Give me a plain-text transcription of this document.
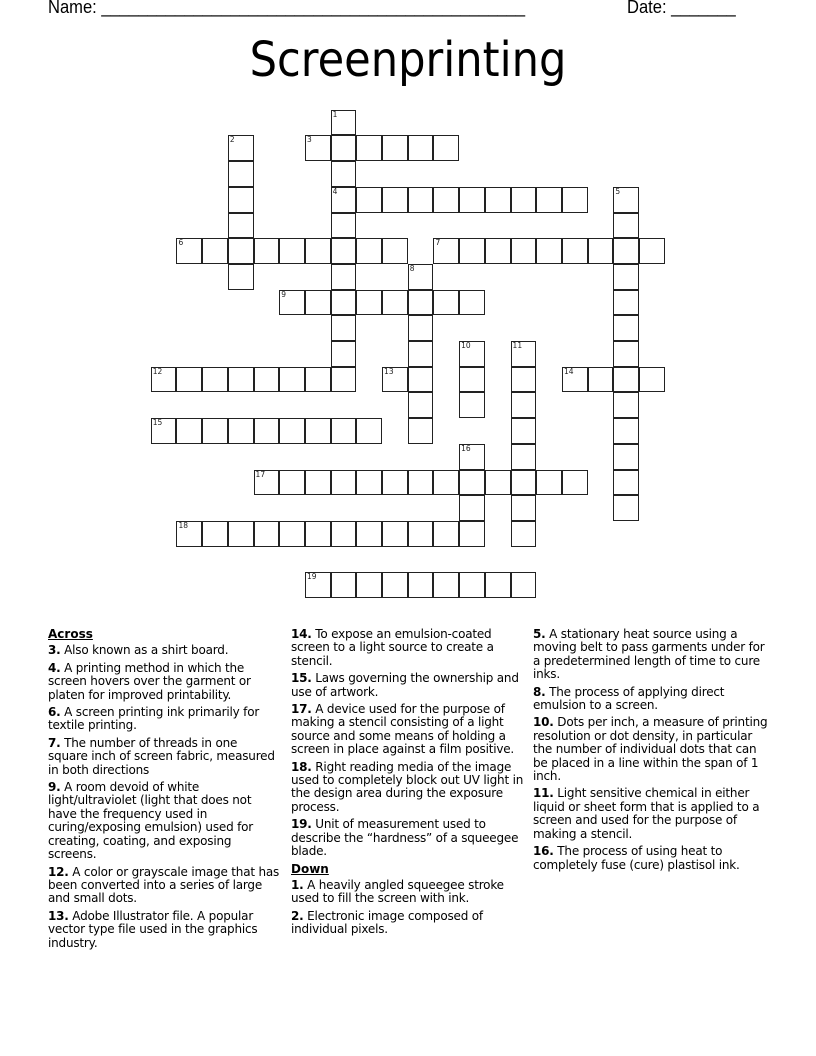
Name: ______________________________________________	Date: _______
Screenprinting
1
4
2	3
5
6	7
8
9
10	11
12	13	14
15
16
17
18
19
Across
3. Also known as a shirt board.
4. A printing method in which the screen hovers over the garment or platen for improved printability.
6. A screen printing ink primarily for textile printing.
7. The number of threads in one square inch of screen fabric, measured in both directions
9. A room devoid of white light/ultraviolet (light that does not have the frequency used in curing/exposing emulsion) used for creating, coating, and exposing screens.
12. A color or grayscale image that has been converted into a series of large and small dots.
13. Adobe Illustrator file. A popular vector type file used in the graphics industry.
14. To expose an emulsion-coated screen to a light source to create a stencil.
15. Laws governing the ownership and use of artwork.
17. A device used for the purpose of making a stencil consisting of a light source and some means of holding a screen in place against a film positive.
18. Right reading media of the image used to completely block out UV light in the design area during the exposure process.
19. Unit of measurement used to describe the “hardness” of a squeegee blade.
Down
1. A heavily angled squeegee stroke used to fill the screen with ink.
2. Electronic image composed of individual pixels.
5. A stationary heat source using a moving belt to pass garments under for a predetermined length of time to cure inks.
8. The process of applying direct emulsion to a screen.
10. Dots per inch, a measure of printing resolution or dot density, in particular the number of individual dots that can be placed in a line within the span of 1 inch.
11. Light sensitive chemical in either liquid or sheet form that is applied to a screen and used for the purpose of making a stencil.
16. The process of using heat to completely fuse (cure) plastisol ink.
